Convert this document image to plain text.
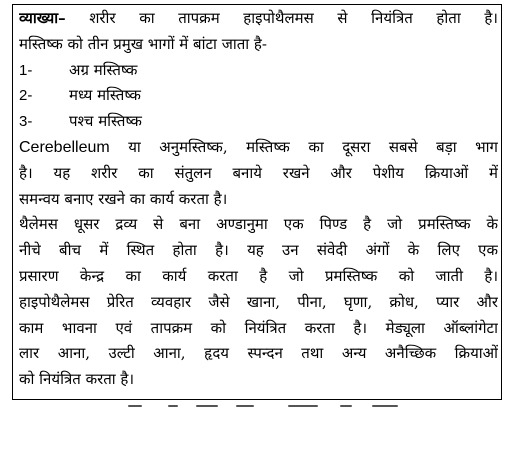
व्याख्या– शरीर का तापक्रम हाइपोथैलमस से नियंत्रित होता है।
मस्तिष्क को तीन प्रमुख भागों में बांटा जाता है-
1- अग्र मस्तिष्क
2- मध्य मस्तिष्क
3- पश्च मस्तिष्क
Cerebelleum या अनुमस्तिष्क, मस्तिष्क का दूसरा सबसे बड़ा भाग
है। यह शरीर का संतुलन बनाये रखने और पेशीय क्रियाओं में
समन्वय बनाए रखने का कार्य करता है।
थैलेमस धूसर द्रव्य से बना अण्डानुमा एक पिण्ड है जो प्रमस्तिष्क के
नीचे बीच में स्थित होता है। यह उन संवेदी अंगों के लिए एक
प्रसारण केन्द्र का कार्य करता है जो प्रमस्तिष्क को जाती है।
हाइपोथैलेमस प्रेरित व्यवहार जैसे खाना, पीना, घृणा, क्रोध, प्यार और
काम भावना एवं तापक्रम को नियंत्रित करता है। मेड्यूला ऑब्लांगेटा
लार आना, उल्टी आना, हृदय स्पन्दन तथा अन्य अनैच्छिक क्रियाओं
को नियंत्रित करता है।
